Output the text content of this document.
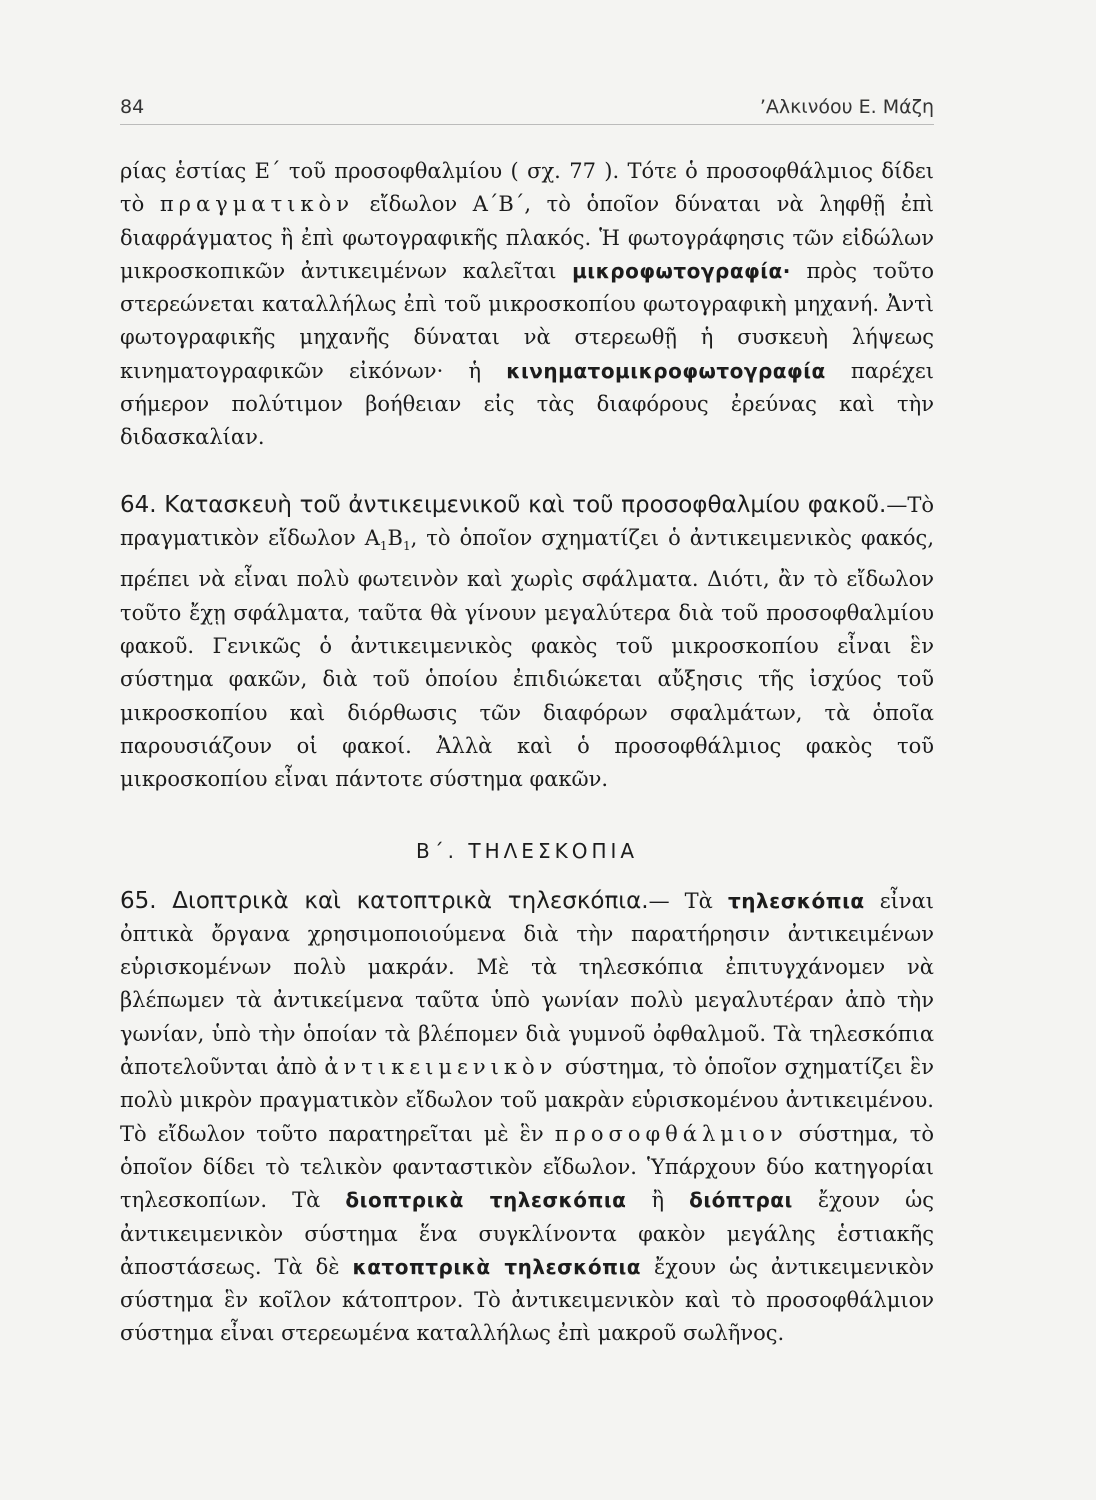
84	’Αλκινόου Ε. Μάζη

ρίας ἑστίας Ε΄ τοῦ προσοφθαλμίου ( σχ. 77 ). Τότε ὁ προσοφθάλμιος δίδει τὸ πραγματικὸν εἴδωλον Α΄Β΄, τὸ ὁποῖον δύναται νὰ ληφθῇ ἐπὶ διαφράγματος ἢ ἐπὶ φωτογραφικῆς πλακός. Ἡ φωτογράφησις τῶν εἰδώλων μικροσκοπικῶν ἀντικειμένων καλεῖται μικροφωτογραφία· πρὸς τοῦτο στερεώνεται καταλλήλως ἐπὶ τοῦ μικροσκοπίου φωτογραφικὴ μηχανή. Ἀντὶ φωτογραφικῆς μηχανῆς δύναται νὰ στερεωθῇ ἡ συσκευὴ λήψεως κινηματογραφικῶν εἰκόνων· ἡ κινηματομικροφωτογραφία παρέχει σήμερον πολύτιμον βοήθειαν εἰς τὰς διαφόρους ἐρεύνας καὶ τὴν διδασκαλίαν.

64. Κατασκευὴ τοῦ ἀντικειμενικοῦ καὶ τοῦ προσοφθαλμίου φακοῦ.—Τὸ πραγματικὸν εἴδωλον $A_1B_1$, τὸ ὁποῖον σχηματίζει ὁ ἀντικειμενικὸς φακός, πρέπει νὰ εἶναι πολὺ φωτεινὸν καὶ χωρὶς σφάλματα. Διότι, ἂν τὸ εἴδωλον τοῦτο ἔχῃ σφάλματα, ταῦτα θὰ γίνουν μεγαλύτερα διὰ τοῦ προσοφθαλμίου φακοῦ. Γενικῶς ὁ ἀντικειμενικὸς φακὸς τοῦ μικροσκοπίου εἶναι ἓν σύστημα φακῶν, διὰ τοῦ ὁποίου ἐπιδιώκεται αὔξησις τῆς ἰσχύος τοῦ μικροσκοπίου καὶ διόρθωσις τῶν διαφόρων σφαλμάτων, τὰ ὁποῖα παρουσιάζουν οἱ φακοί. Ἀλλὰ καὶ ὁ προσοφθάλμιος φακὸς τοῦ μικροσκοπίου εἶναι πάντοτε σύστημα φακῶν.

Β΄. ΤΗΛΕΣΚΟΠΙΑ

65. Διοπτρικὰ καὶ κατοπτρικὰ τηλεσκόπια.— Τὰ τηλεσκόπια εἶναι ὀπτικὰ ὄργανα χρησιμοποιούμενα διὰ τὴν παρατήρησιν ἀντικειμένων εὑρισκομένων πολὺ μακράν. Μὲ τὰ τηλεσκόπια ἐπιτυγχάνομεν νὰ βλέπωμεν τὰ ἀντικείμενα ταῦτα ὑπὸ γωνίαν πολὺ μεγαλυτέραν ἀπὸ τὴν γωνίαν, ὑπὸ τὴν ὁποίαν τὰ βλέπομεν διὰ γυμνοῦ ὀφθαλμοῦ. Τὰ τηλεσκόπια ἀποτελοῦνται ἀπὸ ἀντικειμενικὸν σύστημα, τὸ ὁποῖον σχηματίζει ἓν πολὺ μικρὸν πραγματικὸν εἴδωλον τοῦ μακρὰν εὑρισκομένου ἀντικειμένου. Τὸ εἴδωλον τοῦτο παρατηρεῖται μὲ ἓν προσοφθάλμιον σύστημα, τὸ ὁποῖον δίδει τὸ τελικὸν φανταστικὸν εἴδωλον. Ὑπάρχουν δύο κατηγορίαι τηλεσκοπίων. Τὰ διοπτρικὰ τηλεσκόπια ἢ διόπτραι ἔχουν ὡς ἀντικειμενικὸν σύστημα ἕνα συγκλίνοντα φακὸν μεγάλης ἑστιακῆς ἀποστάσεως. Τὰ δὲ κατοπτρικὰ τηλεσκόπια ἔχουν ὡς ἀντικειμενικὸν σύστημα ἓν κοῖλον κάτοπτρον. Τὸ ἀντικειμενικὸν καὶ τὸ προσοφθάλμιον σύστημα εἶναι στερεωμένα καταλλήλως ἐπὶ μακροῦ σωλῆνος.
